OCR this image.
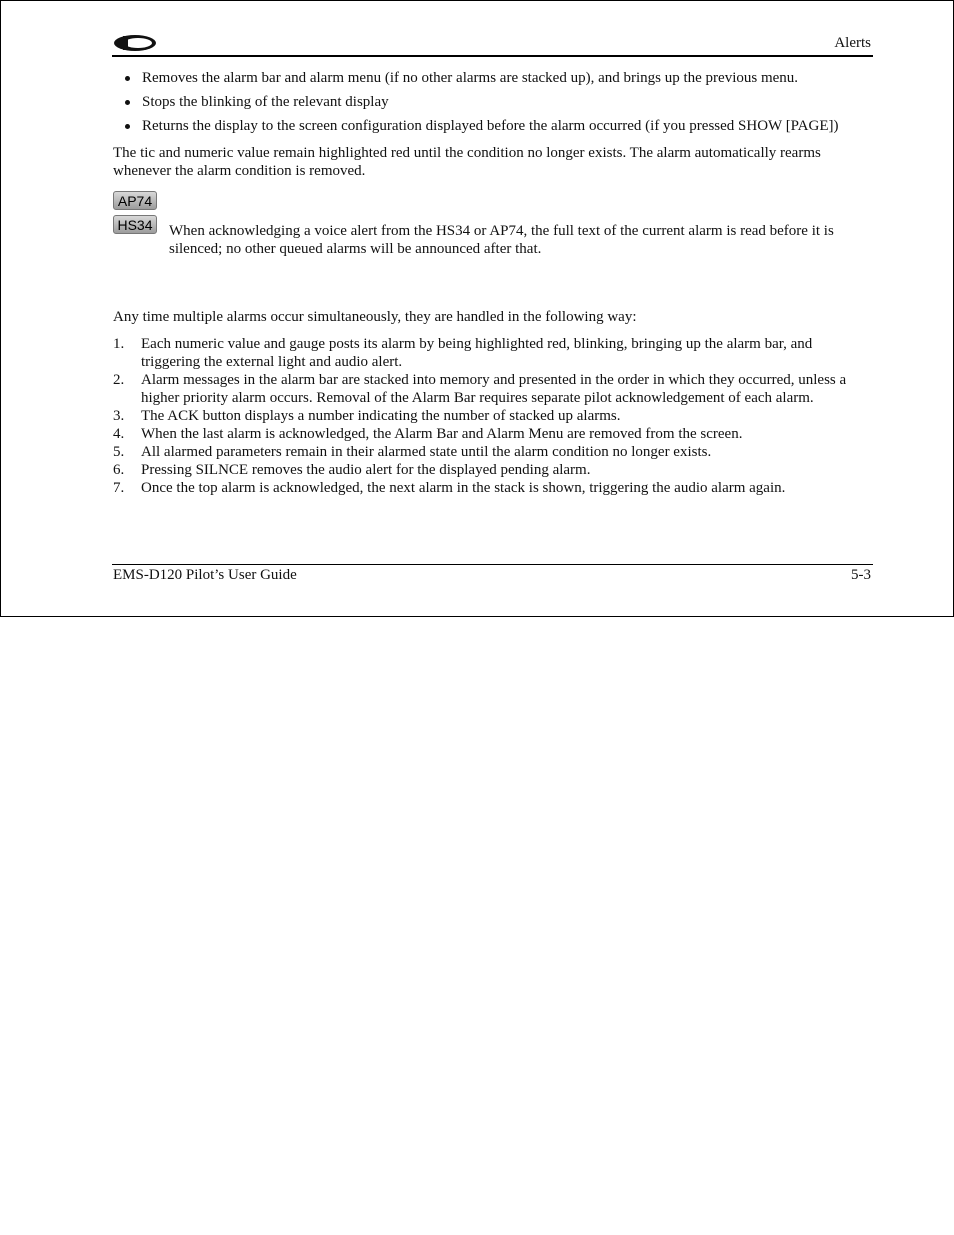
Alerts
Removes the alarm bar and alarm menu (if no other alarms are stacked up), and brings up the previous menu.
Stops the blinking of the relevant display
Returns the display to the screen configuration displayed before the alarm occurred (if you pressed SHOW [PAGE])
The tic and numeric value remain highlighted red until the condition no longer exists. The alarm automatically rearms whenever the alarm condition is removed.
AP74
HS34 When acknowledging a voice alert from the HS34 or AP74, the full text of the current alarm is read before it is silenced; no other queued alarms will be announced after that.
Any time multiple alarms occur simultaneously, they are handled in the following way:
1. Each numeric value and gauge posts its alarm by being highlighted red, blinking, bringing up the alarm bar, and triggering the external light and audio alert.
2. Alarm messages in the alarm bar are stacked into memory and presented in the order in which they occurred, unless a higher priority alarm occurs. Removal of the Alarm Bar requires separate pilot acknowledgement of each alarm.
3. The ACK button displays a number indicating the number of stacked up alarms.
4. When the last alarm is acknowledged, the Alarm Bar and Alarm Menu are removed from the screen.
5. All alarmed parameters remain in their alarmed state until the alarm condition no longer exists.
6. Pressing SILNCE removes the audio alert for the displayed pending alarm.
7. Once the top alarm is acknowledged, the next alarm in the stack is shown, triggering the audio alarm again.
EMS-D120 Pilot’s User Guide	5-3
